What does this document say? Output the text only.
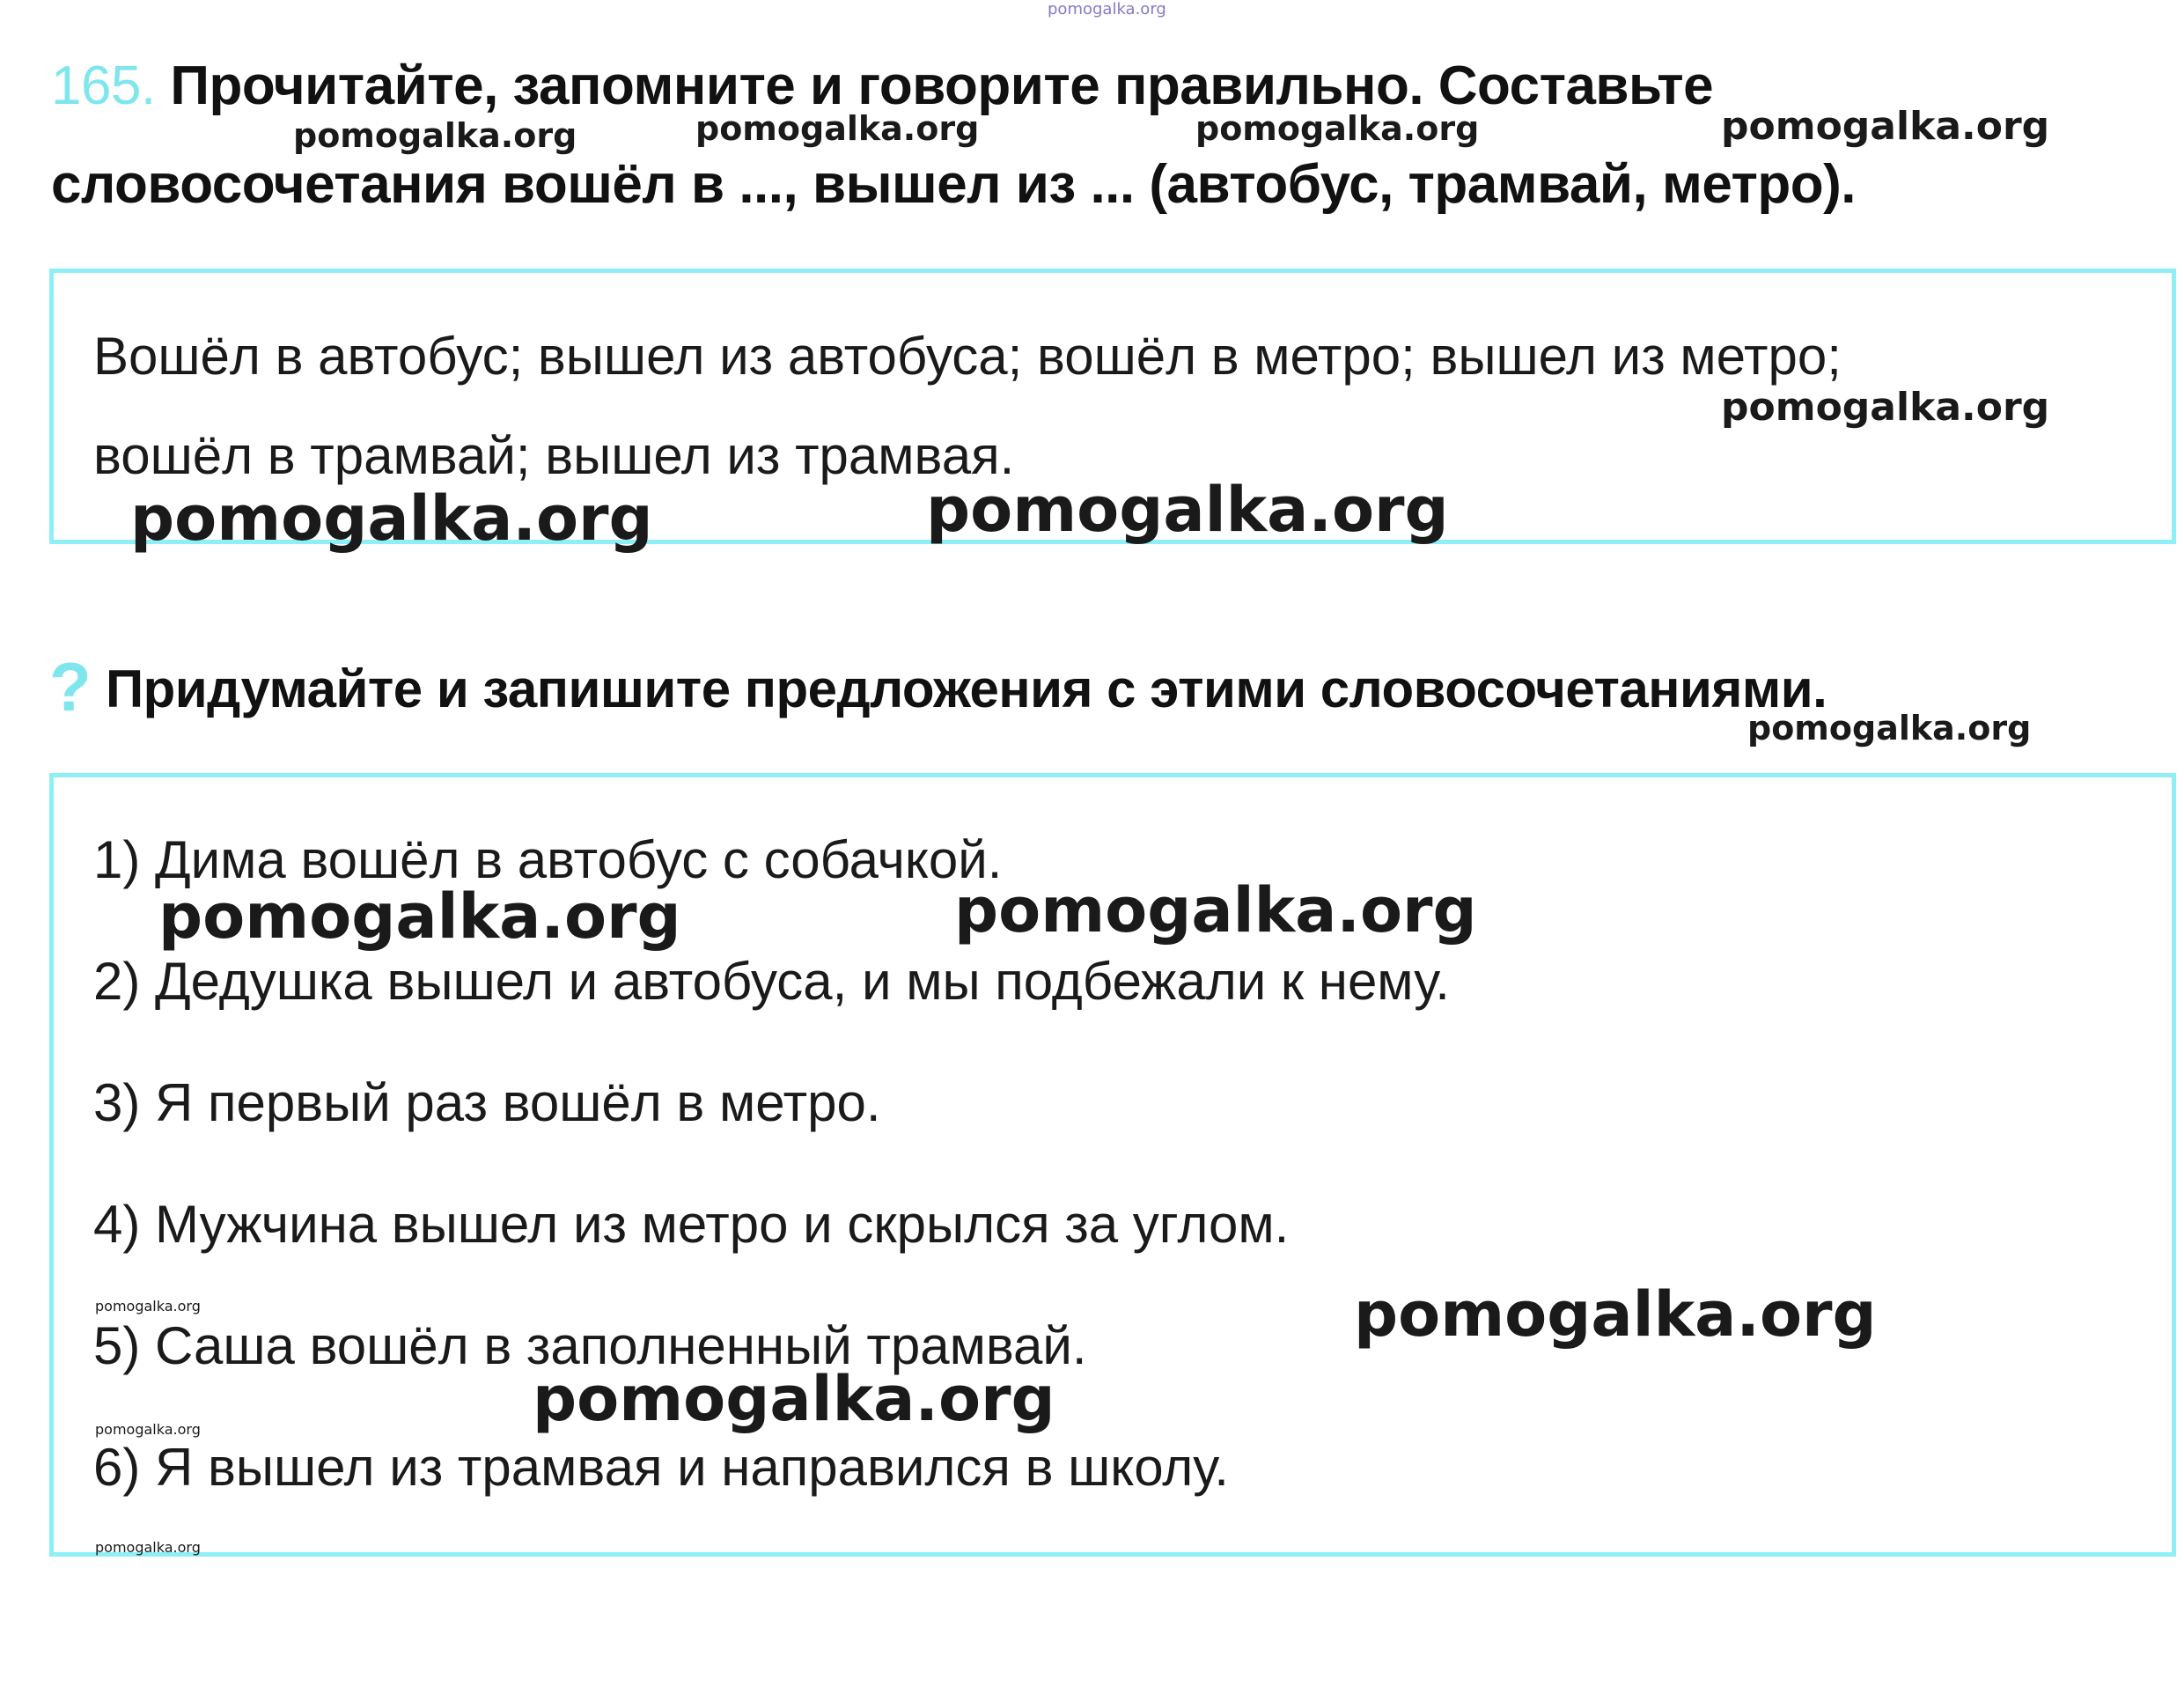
pomogalka.org
165. Прочитайте, запомните и говорите правильно. Составьте
словосочетания вошёл в ..., вышел из ... (автобус, трамвай, метро).
pomogalka.org	pomogalka.org	pomogalka.org	pomogalka.org
Вошёл в автобус; вышел из автобуса; вошёл в метро; вышел из метро;
вошёл в трамвай; вышел из трамвая.
pomogalka.org
pomogalka.org	pomogalka.org
? Придумайте и запишите предложения с этими словосочетаниями.
pomogalka.org
1) Дима вошёл в автобус с собачкой.
2) Дедушка вышел и автобуса, и мы подбежали к нему.
3) Я первый раз вошёл в метро.
4) Мужчина вышел из метро и скрылся за углом.
5) Саша вошёл в заполненный трамвай.
6) Я вышел из трамвая и направился в школу.
pomogalka.org	pomogalka.org
pomogalka.org	pomogalka.org
pomogalka.org
pomogalka.org
pomogalka.org
